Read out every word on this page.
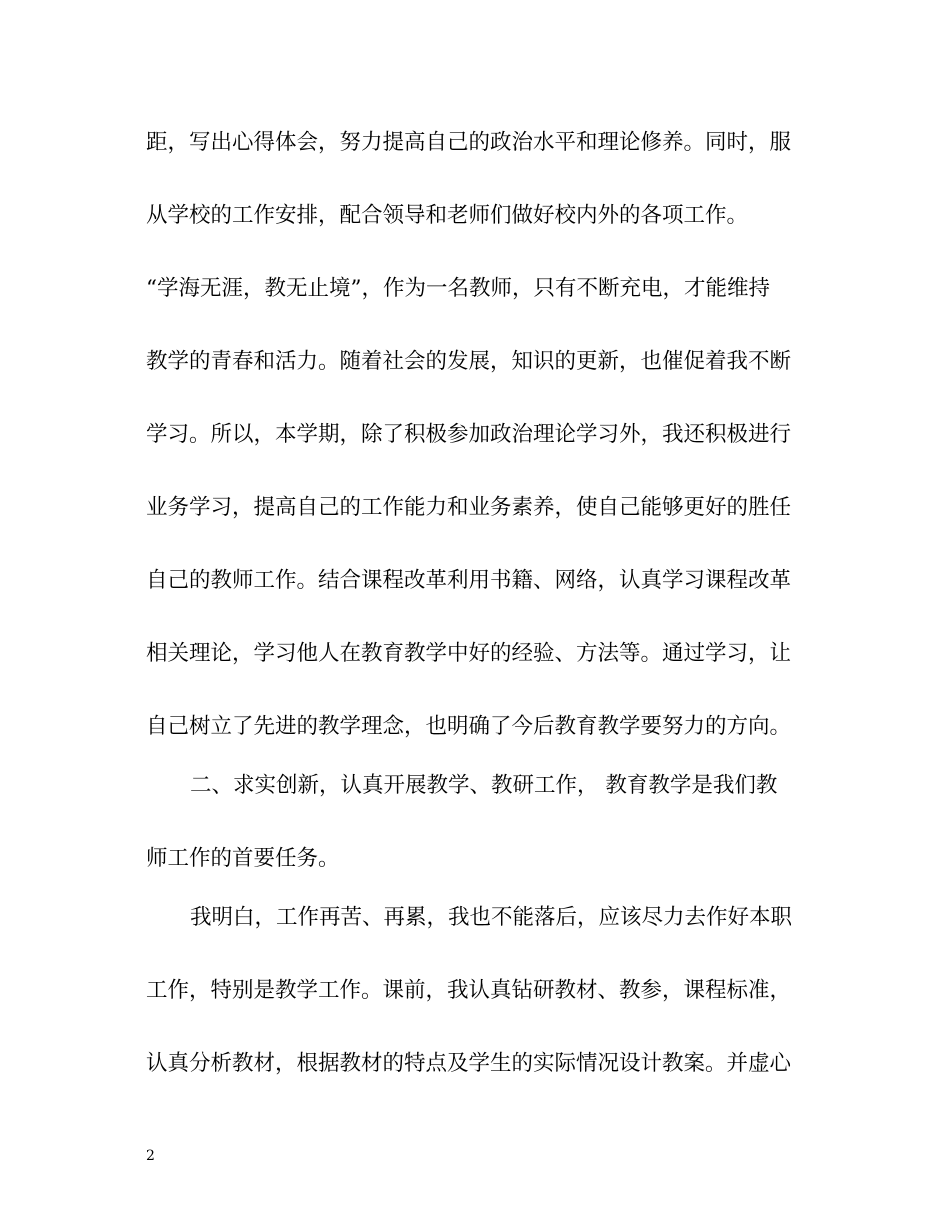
距，写出心得体会，努力提高自己的政治水平和理论修养。同时，服
从学校的工作安排，配合领导和老师们做好校内外的各项工作。
“学海无涯，教无止境”，作为一名教师，只有不断充电，才能维持
教学的青春和活力。随着社会的发展，知识的更新，也催促着我不断
学习。所以，本学期，除了积极参加政治理论学习外，我还积极进行
业务学习，提高自己的工作能力和业务素养，使自己能够更好的胜任
自己的教师工作。结合课程改革利用书籍、网络，认真学习课程改革
相关理论，学习他人在教育教学中好的经验、方法等。通过学习，让
自己树立了先进的教学理念，也明确了今后教育教学要努力的方向。
二、求实创新，认真开展教学、教研工作， 教育教学是我们教
师工作的首要任务。
我明白，工作再苦、再累，我也不能落后，应该尽力去作好本职
工作，特别是教学工作。课前，我认真钻研教材、教参，课程标准，
认真分析教材，根据教材的特点及学生的实际情况设计教案。并虚心
2
